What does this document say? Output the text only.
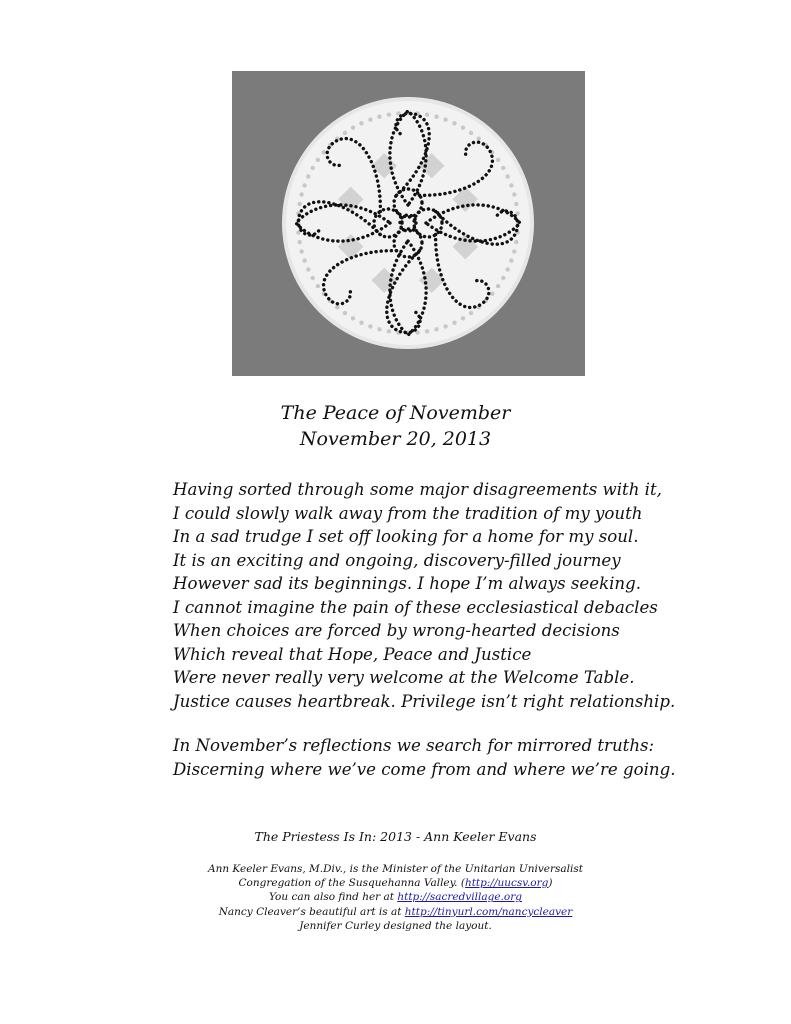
The Peace of November
November 20, 2013
Having sorted through some major disagreements with it,
I could slowly walk away from the tradition of my youth
In a sad trudge I set off looking for a home for my soul.
It is an exciting and ongoing, discovery-filled journey
However sad its beginnings. I hope I’m always seeking.
I cannot imagine the pain of these ecclesiastical debacles
When choices are forced by wrong-hearted decisions
Which reveal that Hope, Peace and Justice
Were never really very welcome at the Welcome Table.
Justice causes heartbreak. Privilege isn’t right relationship.
In November’s reflections we search for mirrored truths:
Discerning where we’ve come from and where we’re going.
The Priestess Is In: 2013 - Ann Keeler Evans
Ann Keeler Evans, M.Div., is the Minister of the Unitarian Universalist
Congregation of the Susquehanna Valley. (http://uucsv.org)
You can also find her at http://sacredvillage.org
Nancy Cleaver’s beautiful art is at http://tinyurl.com/nancycleaver
Jennifer Curley designed the layout.
